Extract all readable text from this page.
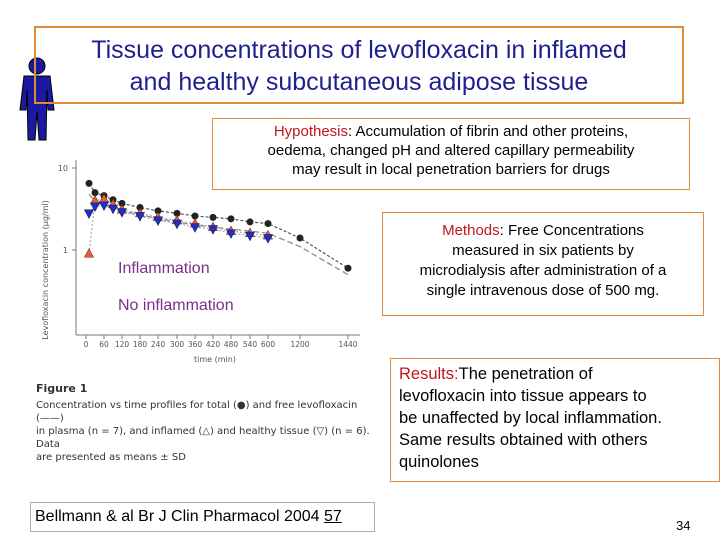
10
1
0 60 120 180 240 300 360 420 480 540 600 1200	1440
Levofloxacin concentration (μg/ml)
time (min)
Inflammation
No inflammation
Tissue concentrations of levofloxacin in inflamed
and healthy subcutaneous adipose tissue
Hypothesis: Accumulation of fibrin and other proteins,
oedema, changed pH and altered capillary permeability
may result in local penetration barriers for drugs
Methods: Free Concentrations
measured in six patients by
microdialysis after administration of a
single intravenous dose of 500 mg.
Figure 1
Concentration vs time profiles for total (●) and free levofloxacin (——)
in plasma (n = 7), and inflamed (△) and healthy tissue (▽) (n = 6). Data
are presented as means ± SD
Results:The penetration of
levofloxacin into tissue appears to
be unaffected by local inflammation.
Same results obtained with others
quinolones
Bellmann & al Br J Clin Pharmacol 2004 57
34
